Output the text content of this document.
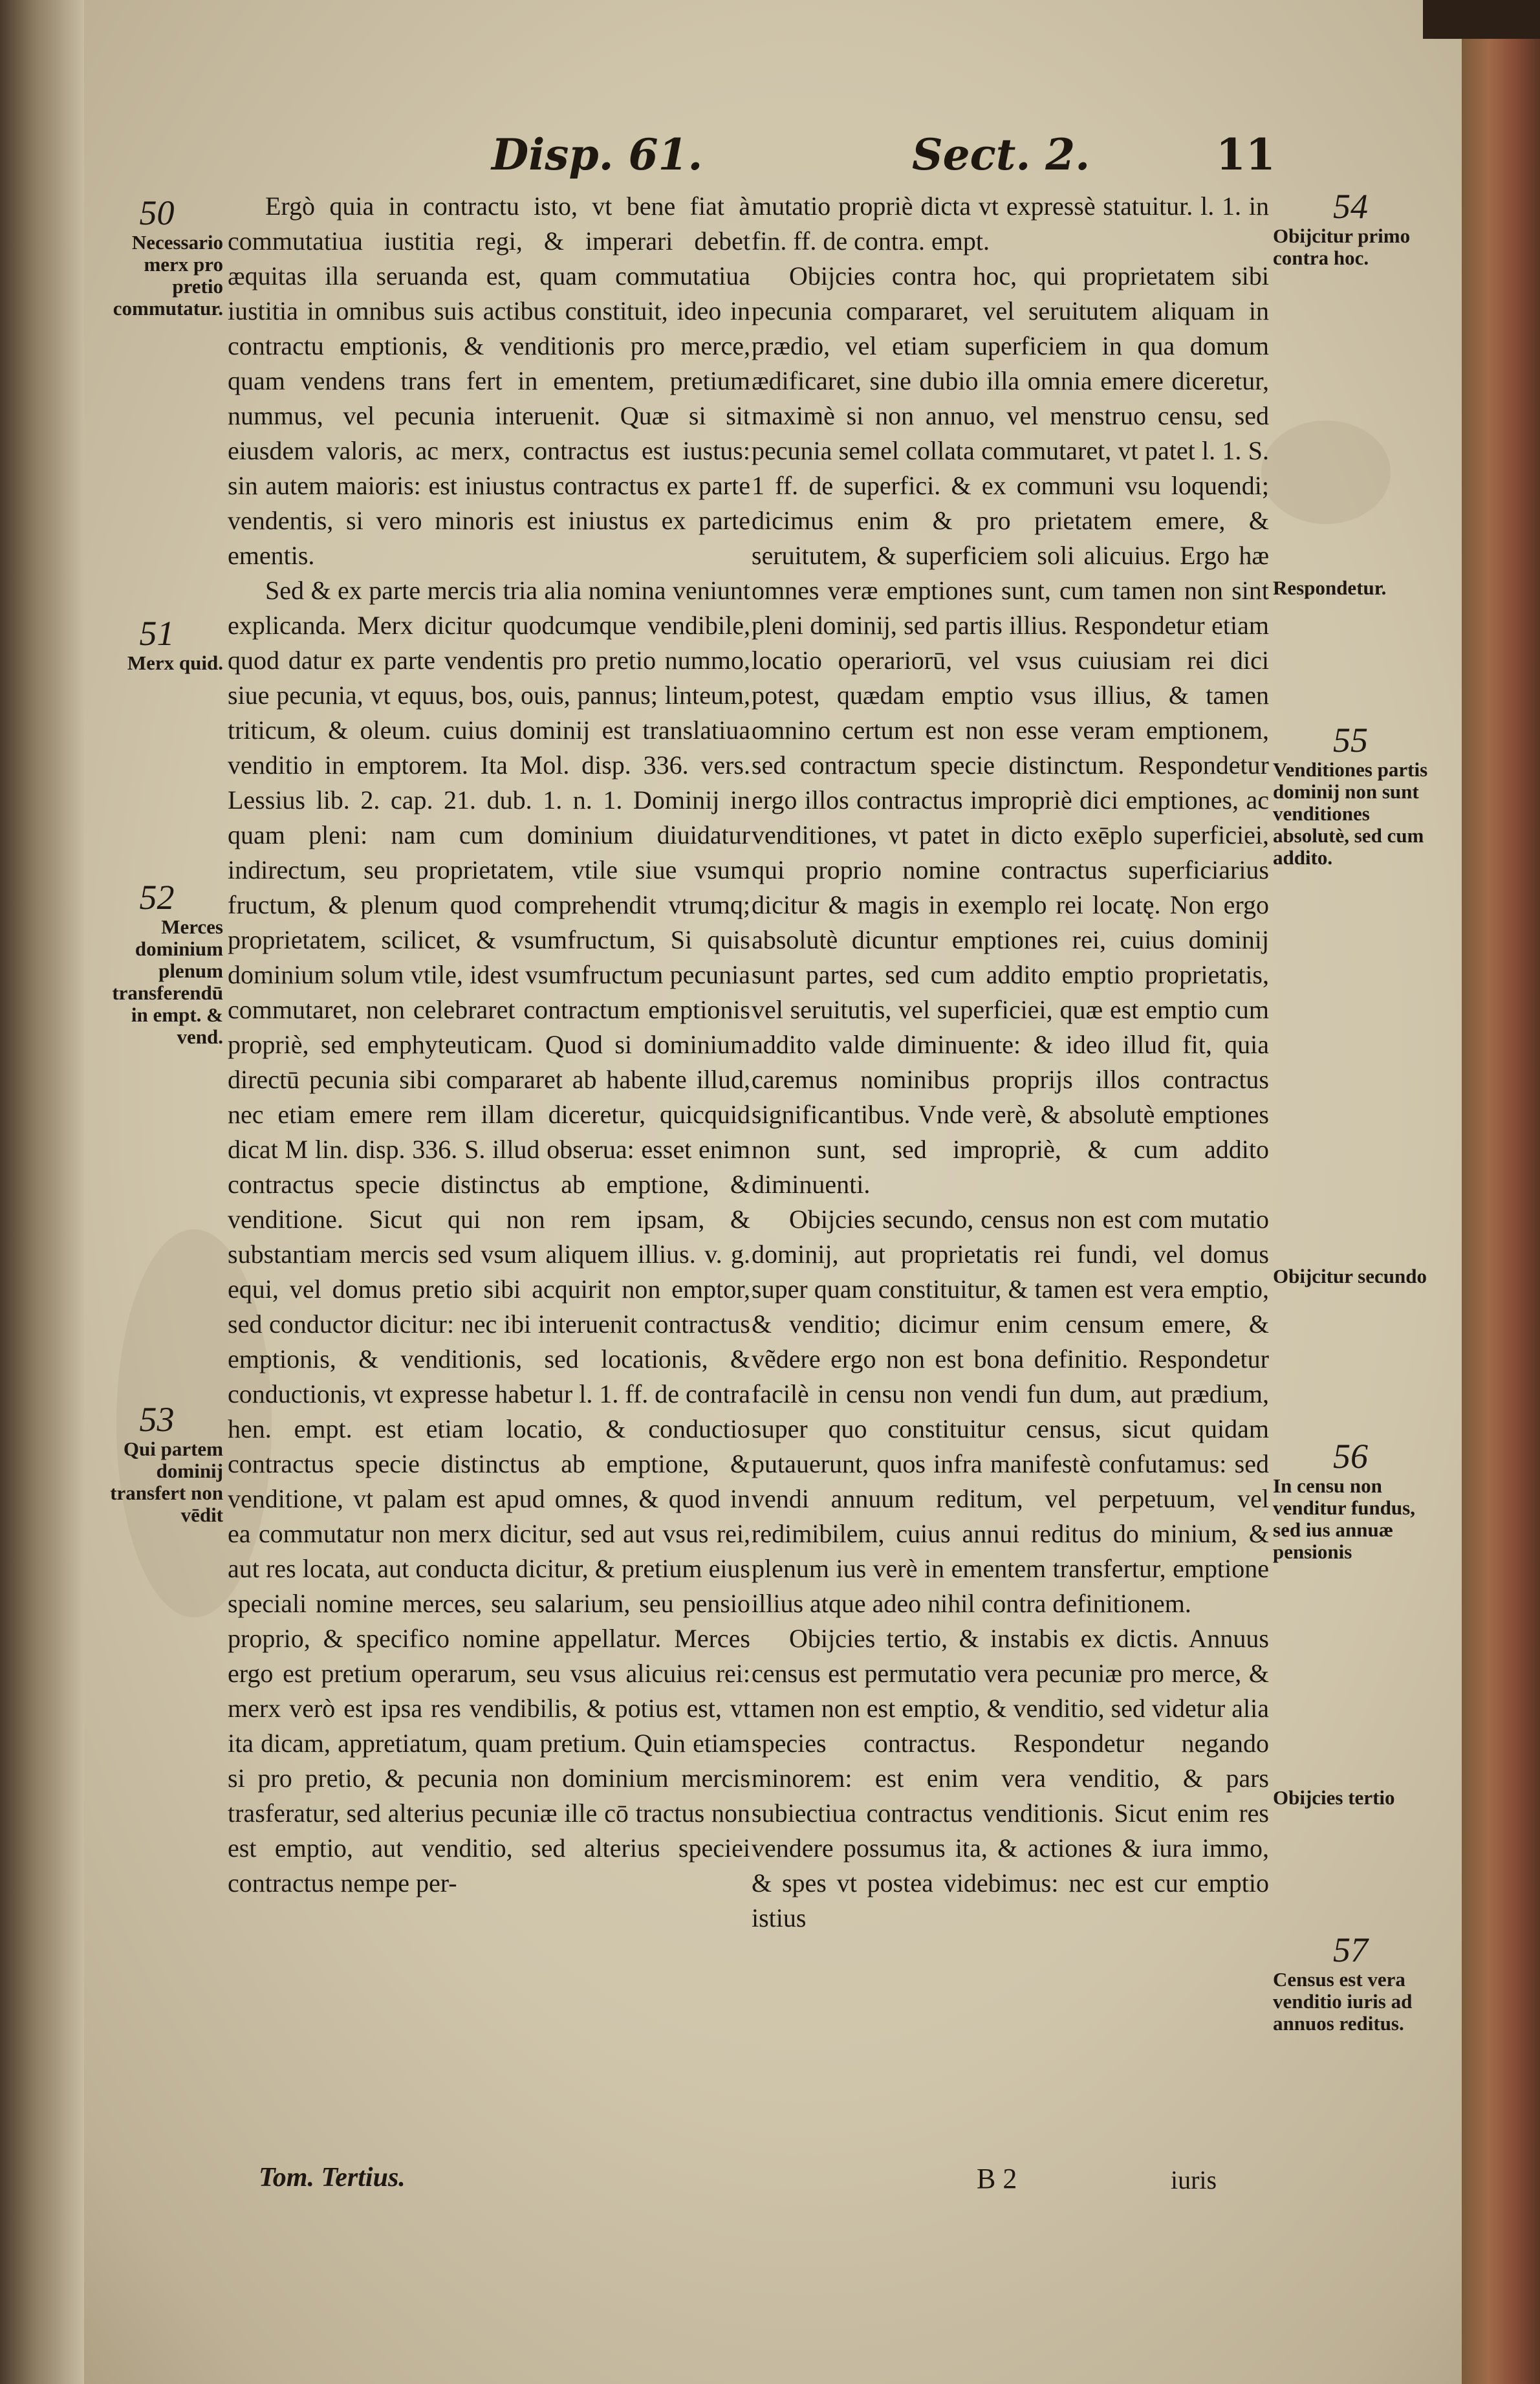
Disp. 61.	Sect. 2.	11
50
Necessario merx pro pretio commutatur.
51
Merx quid.
52
Merces dominium plenum transferendū in empt. & vend.
53
Qui partem dominij transfert non vēdit

Ergò quia in contractu isto, vt bene fiat à commutatiua iustitia regi, & imperari debet æquitas illa seruanda est, quam commutatiua iustitia in omnibus suis actibus constituit, ideo in contractu emptionis, & venditionis pro merce, quam vendens trans fert in ementem, pretium nummus, vel pecunia interuenit. Quæ si sit eiusdem valoris, ac merx, contractus est iustus: sin autem maioris: est iniustus contractus ex parte vendentis, si vero minoris est iniustus ex parte ementis.

Sed & ex parte mercis tria alia nomina veniunt explicanda. Merx dicitur quodcumque vendibile, quod datur ex parte vendentis pro pretio nummo, siue pecunia, vt equus, bos, ouis, pannus; linteum, triticum, & oleum. cuius dominij est translatiua venditio in emptorem. Ita Mol. disp. 336. vers. Lessius lib. 2. cap. 21. dub. 1. n. 1. Dominij in quam pleni: nam cum dominium diuidatur indirectum, seu proprietatem, vtile siue vsum fructum, & plenum quod comprehendit vtrumq; proprietatem, scilicet, & vsumfructum, Si quis dominium solum vtile, idest vsumfructum pecunia commutaret, non celebraret contractum emptionis propriè, sed emphyteuticam. Quod si dominium directū pecunia sibi compararet ab habente illud, nec etiam emere rem illam diceretur, quicquid dicat M lin. disp. 336. S. illud obserua: esset enim contractus specie distinctus ab emptione, & venditione. Sicut qui non rem ipsam, & substantiam mercis sed vsum aliquem illius. v. g. equi, vel domus pretio sibi acquirit non emptor, sed conductor dicitur: nec ibi interuenit contractus emptionis, & venditionis, sed locationis, & conductionis, vt expresse habetur l. 1. ff. de contra hen. empt. est etiam locatio, & conductio contractus specie distinctus ab emptione, & venditione, vt palam est apud omnes, & quod in ea commutatur non merx dicitur, sed aut vsus rei, aut res locata, aut conducta dicitur, & pretium eius speciali nomine merces, seu salarium, seu pensio proprio, & specifico nomine appellatur. Merces ergo est pretium operarum, seu vsus alicuius rei: merx verò est ipsa res vendibilis, & potius est, vt ita dicam, appretiatum, quam pretium. Quin etiam si pro pretio, & pecunia non dominium mercis trasferatur, sed alterius pecuniæ ille cō tractus non est emptio, aut venditio, sed alterius speciei contractus nempe per-

mutatio propriè dicta vt expressè statuitur. l. 1. in fin. ff. de contra. empt.

Obijcies contra hoc, qui proprietatem sibi pecunia compararet, vel seruitutem aliquam in prædio, vel etiam superficiem in qua domum ædificaret, sine dubio illa omnia emere diceretur, maximè si non annuo, vel menstruo censu, sed pecunia semel collata commutaret, vt patet l. 1. S. 1 ff. de superfici. & ex communi vsu loquendi; dicimus enim & pro prietatem emere, & seruitutem, & superficiem soli alicuius. Ergo hæ omnes veræ emptiones sunt, cum tamen non sint pleni dominij, sed partis illius. Respondetur etiam locatio operariorū, vel vsus cuiusiam rei dici potest, quædam emptio vsus illius, & tamen omnino certum est non esse veram emptionem, sed contractum specie distinctum. Respondetur ergo illos contractus impropriè dici emptiones, ac venditiones, vt patet in dicto exēplo superficiei, qui proprio nomine contractus superficiarius dicitur & magis in exemplo rei locatę. Non ergo absolutè dicuntur emptiones rei, cuius dominij sunt partes, sed cum addito emptio proprietatis, vel seruitutis, vel superficiei, quæ est emptio cum addito valde diminuente: & ideo illud fit, quia caremus nominibus proprijs illos contractus significantibus. Vnde verè, & absolutè emptiones non sunt, sed impropriè, & cum addito diminuenti.

Obijcies secundo, census non est com mutatio dominij, aut proprietatis rei fundi, vel domus super quam constituitur, & tamen est vera emptio, & venditio; dicimur enim censum emere, & vẽdere ergo non est bona definitio. Respondetur facilè in censu non vendi fun dum, aut prædium, super quo constituitur census, sicut quidam putauerunt, quos infra manifestè confutamus: sed vendi annuum reditum, vel perpetuum, vel redimibilem, cuius annui reditus do minium, & plenum ius verè in ementem transfertur, emptione illius atque adeo nihil contra definitionem.

Obijcies tertio, & instabis ex dictis. Annuus census est permutatio vera pecuniæ pro merce, & tamen non est emptio, & venditio, sed videtur alia species contractus. Respondetur negando minorem: est enim vera venditio, & pars subiectiua contractus venditionis. Sicut enim res vendere possumus ita, & actiones & iura immo, & spes vt postea videbimus: nec est cur emptio istius

54
Obijcitur primo contra hoc.
Respondetur.
55
Venditiones partis dominij non sunt venditiones absolutè, sed cum addito.
Obijcitur secundo
56
In censu non venditur fundus, sed ius annuæ pensionis
Obijcies tertio
57
Census est vera venditio iuris ad annuos reditus.
Tom. Tertius.	B 2	iuris
